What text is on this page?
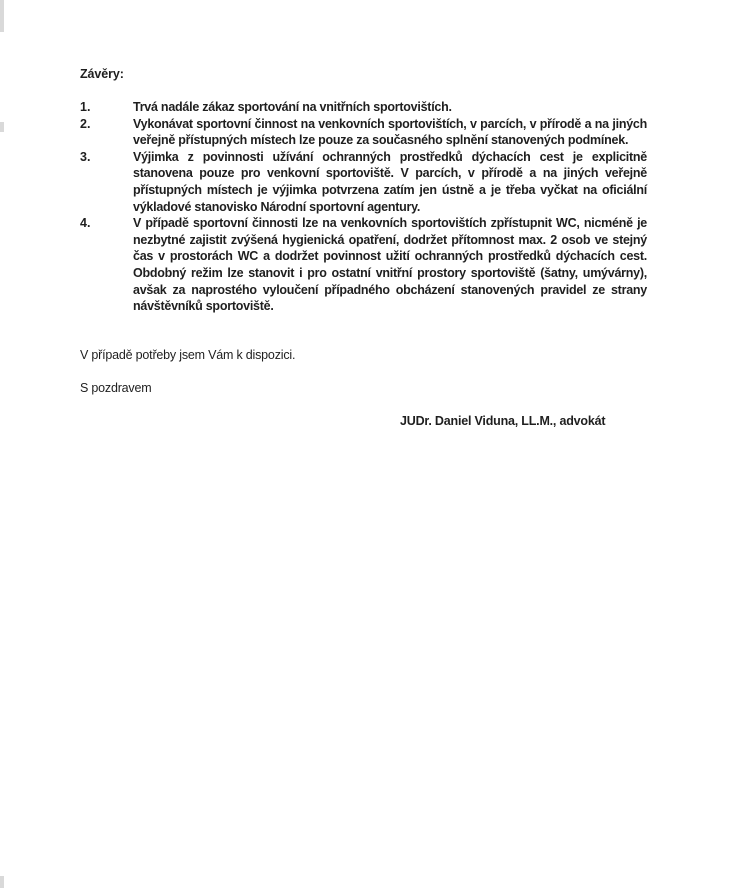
Závěry:
1.	Trvá nadále zákaz sportování na vnitřních sportovištích.
2.	Vykonávat sportovní činnost na venkovních sportovištích, v parcích, v přírodě a na jiných veřejně přístupných místech lze pouze za současného splnění stanovených podmínek.
3.	Výjimka z povinnosti užívání ochranných prostředků dýchacích cest je explicitně stanovena pouze pro venkovní sportoviště. V parcích, v přírodě a na jiných veřejně přístupných místech je výjimka potvrzena zatím jen ústně a je třeba vyčkat na oficiální výkladové stanovisko Národní sportovní agentury.
4.	V případě sportovní činnosti lze na venkovních sportovištích zpřístupnit WC, nicméně je nezbytné zajistit zvýšená hygienická opatření, dodržet přítomnost max. 2 osob ve stejný čas v prostorách WC a dodržet povinnost užití ochranných prostředků dýchacích cest. Obdobný režim lze stanovit i pro ostatní vnitřní prostory sportoviště (šatny, umývárny), avšak za naprostého vyloučení případného obcházení stanovených pravidel ze strany návštěvníků sportoviště.
V případě potřeby jsem Vám k dispozici.
S pozdravem
JUDr. Daniel Viduna, LL.M., advokát
